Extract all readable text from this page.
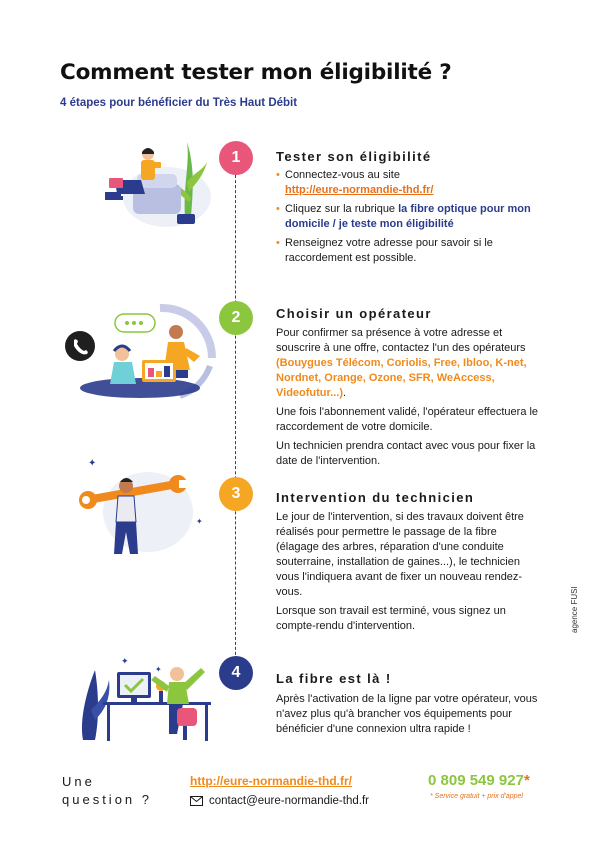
Comment tester mon éligibilité ?
4 étapes pour bénéficier du Très Haut Débit
1	Tester son éligibilité
• Connectez-vous au site
http://eure-normandie-thd.fr/
• Cliquez sur la rubrique la fibre optique pour mon domicile / je teste mon éligibilité
• Renseignez votre adresse pour savoir si le raccordement est possible.
2	Choisir un opérateur

Pour confirmer sa présence à votre adresse et souscrire à une offre, contactez l'un des opérateurs (Bouygues Télécom, Coriolis, Free, Ibloo, K-net, Nordnet, Orange, Ozone, SFR, WeAccess, Videofutur...).

Une fois l'abonnement validé, l'opérateur effectuera le raccordement de votre domicile.

Un technicien prendra contact avec vous pour fixer la date de l'intervention.

3	Intervention du technicien

Le jour de l'intervention, si des travaux doivent être réalisés pour permettre le passage de la fibre (élagage des arbres, réparation d'une conduite souterraine, installation de gaines...), le technicien vous l'indiquera avant de fixer un nouveau rendez-vous.

Lorsque son travail est terminé, vous signez un compte-rendu d'intervention.

✦
✦
4	La fibre est là !

Après l'activation de la ligne par votre opérateur, vous n'avez plus qu'à brancher vos équipements pour bénéficier d'une connexion ultra rapide !

✦
✦
agence FUSI
Une question ?
http://eure-normandie-thd.fr/
contact@eure-normandie-thd.fr
0 809 549 927*
* Service gratuit + prix d'appel
